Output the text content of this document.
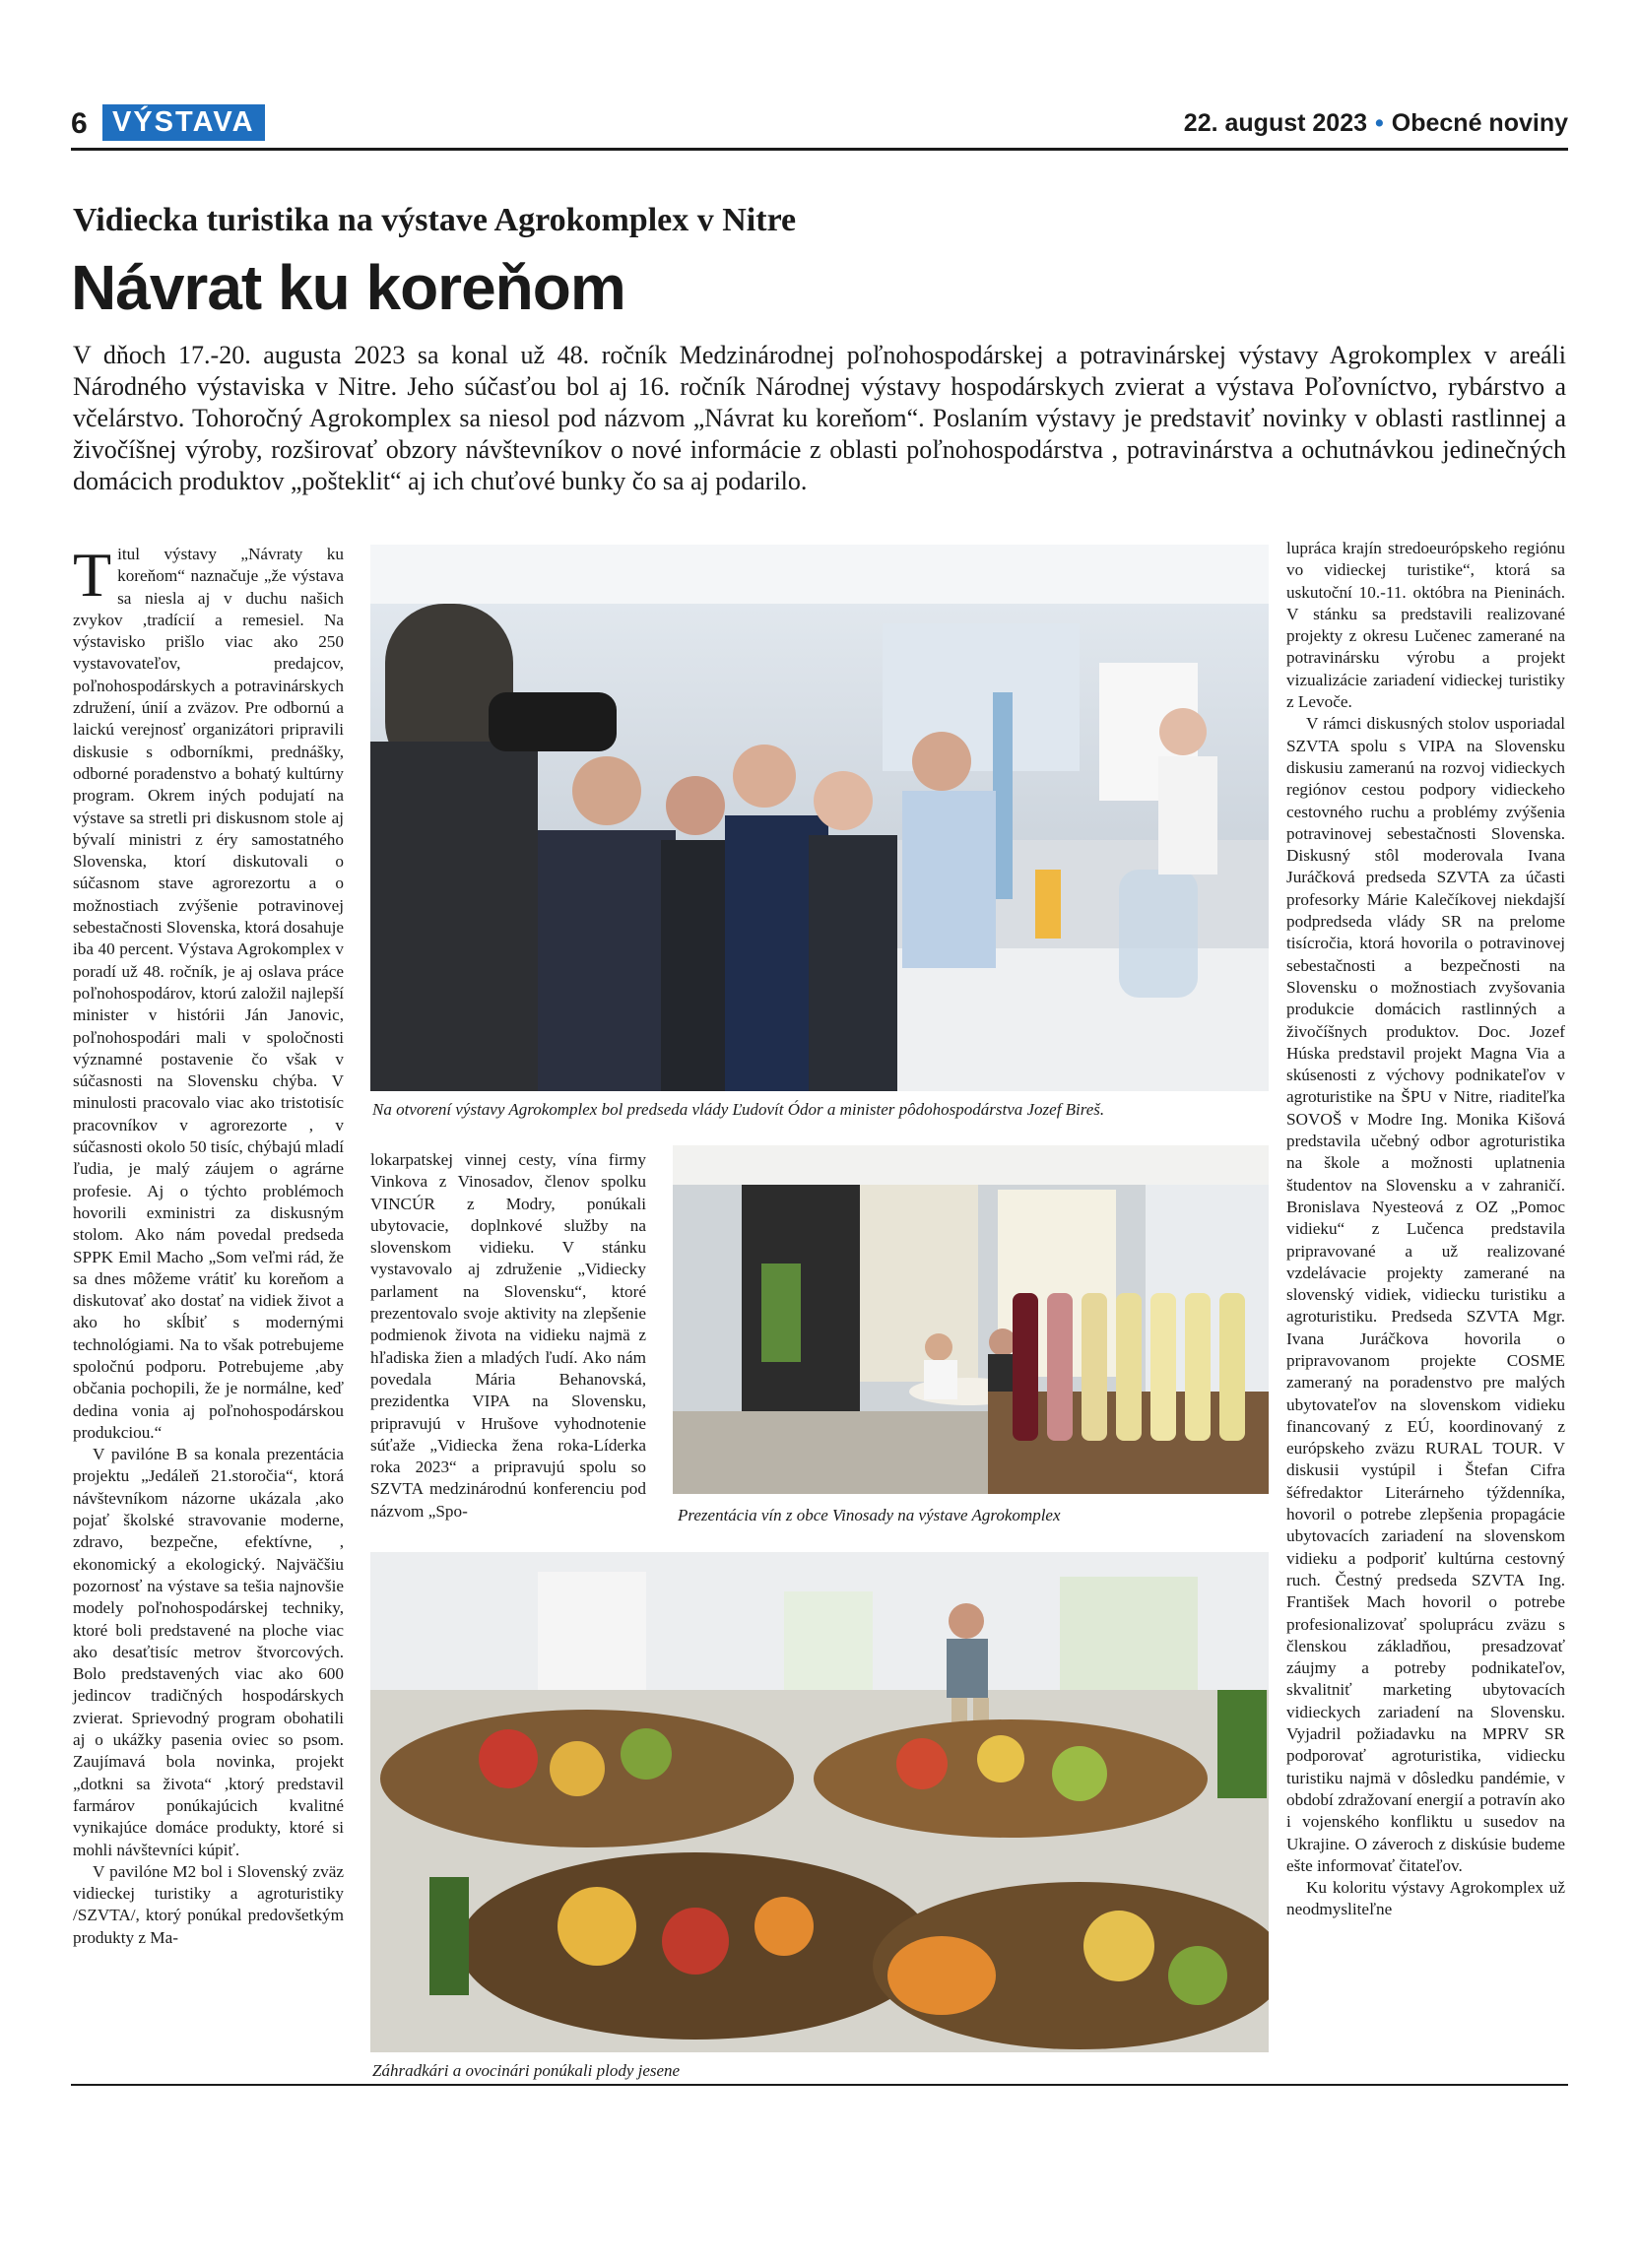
6 VÝSTAVA	22. august 2023 • Obecné noviny
Vidiecka turistika na výstave Agrokomplex v Nitre
Návrat ku koreňom
V dňoch 17.-20. augusta 2023 sa konal už 48. ročník Medzinárodnej poľnohospodárskej a potravinárskej výstavy Agrokomplex v areáli Národného výstaviska v Nitre. Jeho súčasťou bol aj 16. ročník Národnej výstavy hospodárskych zvierat a výstava Poľovníctvo, rybárstvo a včelárstvo. Tohoročný Agrokomplex sa niesol pod názvom „Návrat ku koreňom“. Poslaním výstavy je predstaviť novinky v oblasti rastlinnej a živočíšnej výroby, rozširovať obzory návštevníkov o nové informácie z oblasti poľnohospodárstva , potravinárstva a ochutnávkou jedinečných domácich produktov „pošteklit“ aj ich chuťové bunky čo sa aj podarilo.

Titul výstavy „Návraty ku koreňom“ naznačuje „že výstava sa niesla aj v duchu našich zvykov ,tradícií a remesiel. Na výstavisko prišlo viac ako 250 vystavovateľov, predajcov, poľnohospodárskych a potravinárskych združení, únií a zväzov. Pre odbornú a laickú verejnosť organizátori pripravili diskusie s odborníkmi, prednášky, odborné poradenstvo a bohatý kultúrny program. Okrem iných podujatí na výstave sa stretli pri diskusnom stole aj bývalí ministri z éry samostatného Slovenska, ktorí diskutovali o súčasnom stave agrorezortu a o možnostiach zvýšenie potravinovej sebestačnosti Slovenska, ktorá dosahuje iba 40 percent. Výstava Agrokomplex v poradí už 48. ročník, je aj oslava práce poľnohospodárov, ktorú založil najlepší minister v histórii Ján Janovic, poľnohospodári mali v spoločnosti významné postavenie čo však v súčasnosti na Slovensku chýba. V minulosti pracovalo viac ako tristotisíc pracovníkov v agrorezorte , v súčasnosti okolo 50 tisíc, chýbajú mladí ľudia, je malý záujem o agrárne profesie. Aj o týchto problémoch hovorili exministri za diskusným stolom. Ako nám povedal predseda SPPK Emil Macho „Som veľmi rád, že sa dnes môžeme vrátiť ku koreňom a diskutovať ako dostať na vidiek život a ako ho skĺbiť s modernými technológiami. Na to však potrebujeme spoločnú podporu. Potrebujeme ,aby občania pochopili, že je normálne, keď dedina vonia aj poľnohospodárskou produkciou.“

V pavilóne B sa konala prezentácia projektu „Jedáleň 21.storočia“, ktorá návštevníkom názorne ukázala ,ako pojať školské stravovanie moderne, zdravo, bezpečne, efektívne, , ekonomický a ekologický. Najväčšiu pozornosť na výstave sa tešia najnovšie modely poľnohospodárskej techniky, ktoré boli predstavené na ploche viac ako desaťtisíc metrov štvorcových. Bolo predstavených viac ako 600 jedincov tradičných hospodárskych zvierat. Sprievodný program obohatili aj o ukážky pasenia oviec so psom. Zaujímavá bola novinka, projekt „dotkni sa života“ ,ktorý predstavil farmárov ponúkajúcich kvalitné vynikajúce domáce produkty, ktoré si mohli návštevníci kúpiť.

V pavilóne M2 bol i Slovenský zväz vidieckej turistiky a agroturistiky /SZVTA/, ktorý ponúkal predovšetkým produkty z Ma-

Na otvorení výstavy Agrokomplex bol predseda vlády Ľudovít Ódor a minister pôdohospodárstva Jozef Bireš.

lokarpatskej vinnej cesty, vína firmy Vinkova z Vinosadov, členov spolku VINCÚR z Modry, ponúkali ubytovacie, doplnkové služby na slovenskom vidieku. V stánku vystavovalo aj združenie „Vidiecky parlament na Slovensku“, ktoré prezentovalo svoje aktivity na zlepšenie podmienok života na vidieku najmä z hľadiska žien a mladých ľudí. Ako nám povedala Mária Behanovská, prezidentka VIPA na Slovensku, pripravujú v Hrušove vyhodnotenie súťaže „Vidiecka žena roka-Líderka roka 2023“ a pripravujú spolu so SZVTA medzinárodnú konferenciu pod názvom „Spo-	Prezentácia vín z obce Vinosady na výstave Agrokomplex
Záhradkári a ovocinári ponúkali plody jesene

lupráca krajín stredoeurópskeho regiónu vo vidieckej turistike“, ktorá sa uskutoční 10.-11. októbra na Pieninách. V stánku sa predstavili realizované projekty z okresu Lučenec zamerané na potravinársku výrobu a projekt vizualizácie zariadení vidieckej turistiky z Levoče.

V rámci diskusných stolov usporiadal SZVTA spolu s VIPA na Slovensku diskusiu zameranú na rozvoj vidieckych regiónov cestou podpory vidieckeho cestovného ruchu a problémy zvýšenia potravinovej sebestačnosti Slovenska. Diskusný stôl moderovala Ivana Juráčková predseda SZVTA za účasti profesorky Márie Kalečíkovej niekdajší podpredseda vlády SR na prelome tisícročia, ktorá hovorila o potravinovej sebestačnosti a bezpečnosti na Slovensku o možnostiach zvyšovania produkcie domácich rastlinných a živočíšnych produktov. Doc. Jozef Húska predstavil projekt Magna Via a skúsenosti z výchovy podnikateľov v agroturistike na ŠPU v Nitre, riaditeľka SOVOŠ v Modre Ing. Monika Kišová predstavila učebný odbor agroturistika na škole a možnosti uplatnenia študentov na Slovensku a v zahraničí. Bronislava Nyesteová z OZ „Pomoc vidieku“ z Lučenca predstavila pripravované a už realizované vzdelávacie projekty zamerané na slovenský vidiek, vidiecku turistiku a agroturistiku. Predseda SZVTA Mgr. Ivana Juráčkova hovorila o pripravovanom projekte COSME zameraný na poradenstvo pre malých ubytovateľov na slovenskom vidieku financovaný z EÚ, koordinovaný z európskeho zväzu RURAL TOUR. V diskusii vystúpil i Štefan Cifra šéfredaktor Literárneho týždenníka, hovoril o potrebe zlepšenia propagácie ubytovacích zariadení na slovenskom vidieku a podporiť kultúrna cestovný ruch. Čestný predseda SZVTA Ing. František Mach hovoril o potrebe profesionalizovať spoluprácu zväzu s členskou základňou, presadzovať záujmy a potreby podnikateľov, skvalitniť marketing ubytovacích vidieckych zariadení na Slovensku. Vyjadril požiadavku na MPRV SR podporovať agroturistika, vidiecku turistiku najmä v dôsledku pandémie, v období zdražovaní energií a potravín ako i vojenského konfliktu u susedov na Ukrajine. O záveroch z diskúsie budeme ešte informovať čitateľov.

Ku koloritu výstavy Agrokomplex už neodmysliteľne
